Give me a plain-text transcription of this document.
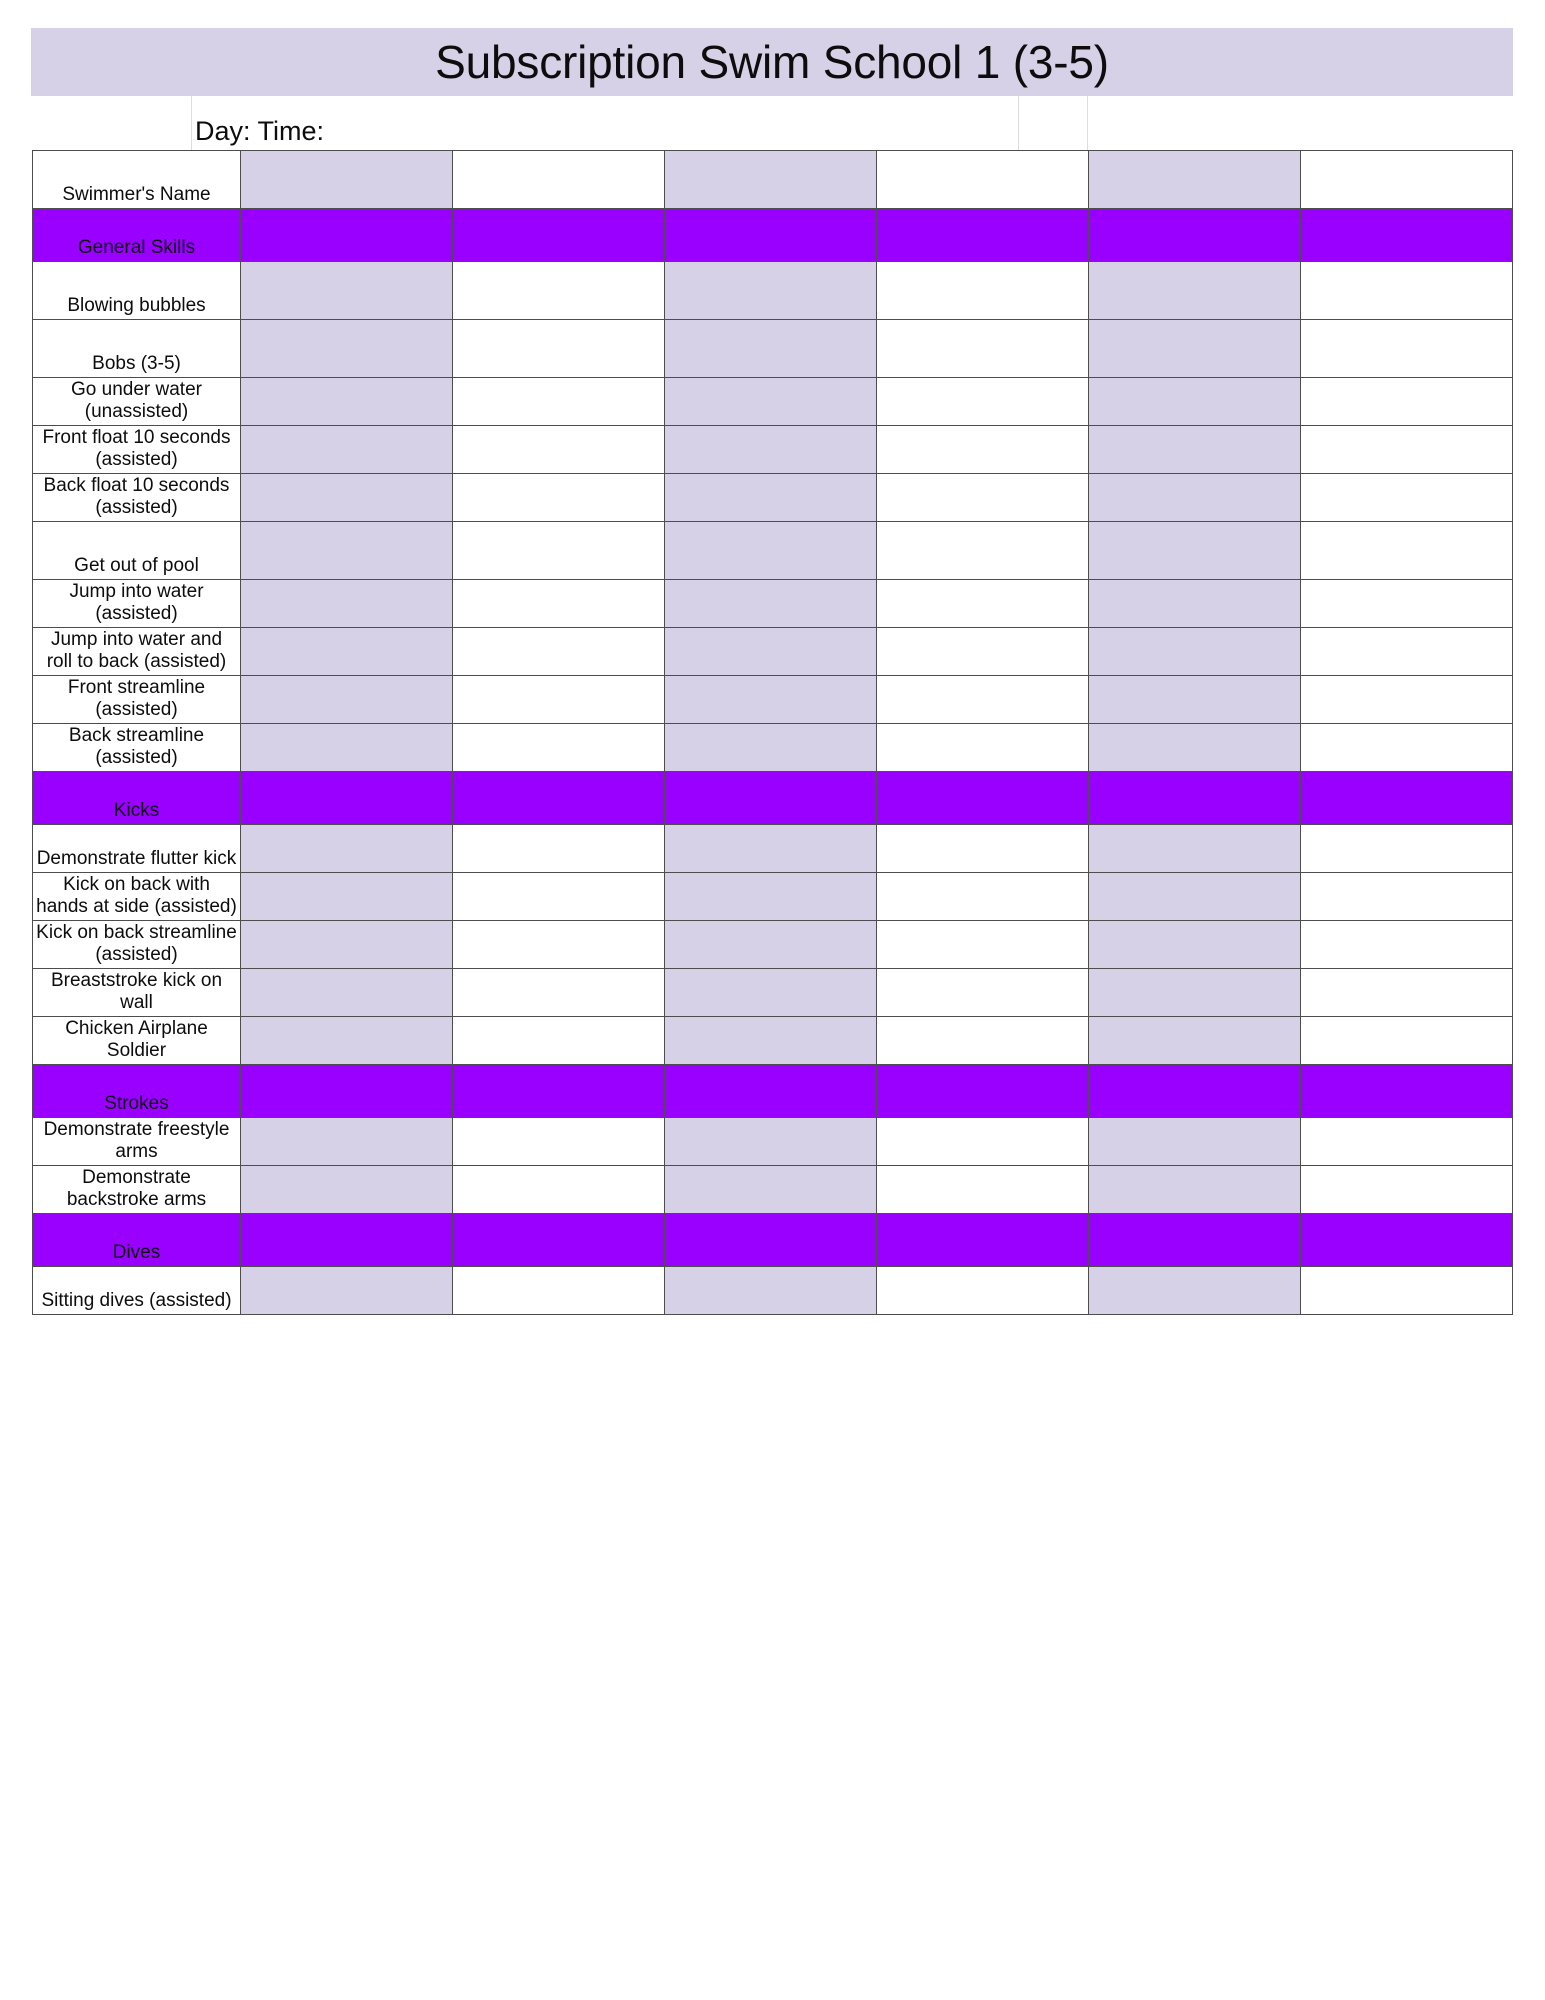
Subscription Swim School 1 (3-5)
Day: Time:
Swimmer's Name						
General Skills						
Blowing bubbles						
Bobs (3-5)						
Go under water (unassisted)						
Front float 10 seconds (assisted)						
Back float 10 seconds (assisted)						
Get out of pool						
Jump into water (assisted)						
Jump into water and roll to back (assisted)						
Front streamline (assisted)						
Back streamline (assisted)						
Kicks						
Demonstrate flutter kick						
Kick on back with hands at side (assisted)						
Kick on back streamline (assisted)						
Breaststroke kick on wall						
Chicken Airplane Soldier						
Strokes						
Demonstrate freestyle arms						
Demonstrate backstroke arms						
Dives						
Sitting dives (assisted)						
